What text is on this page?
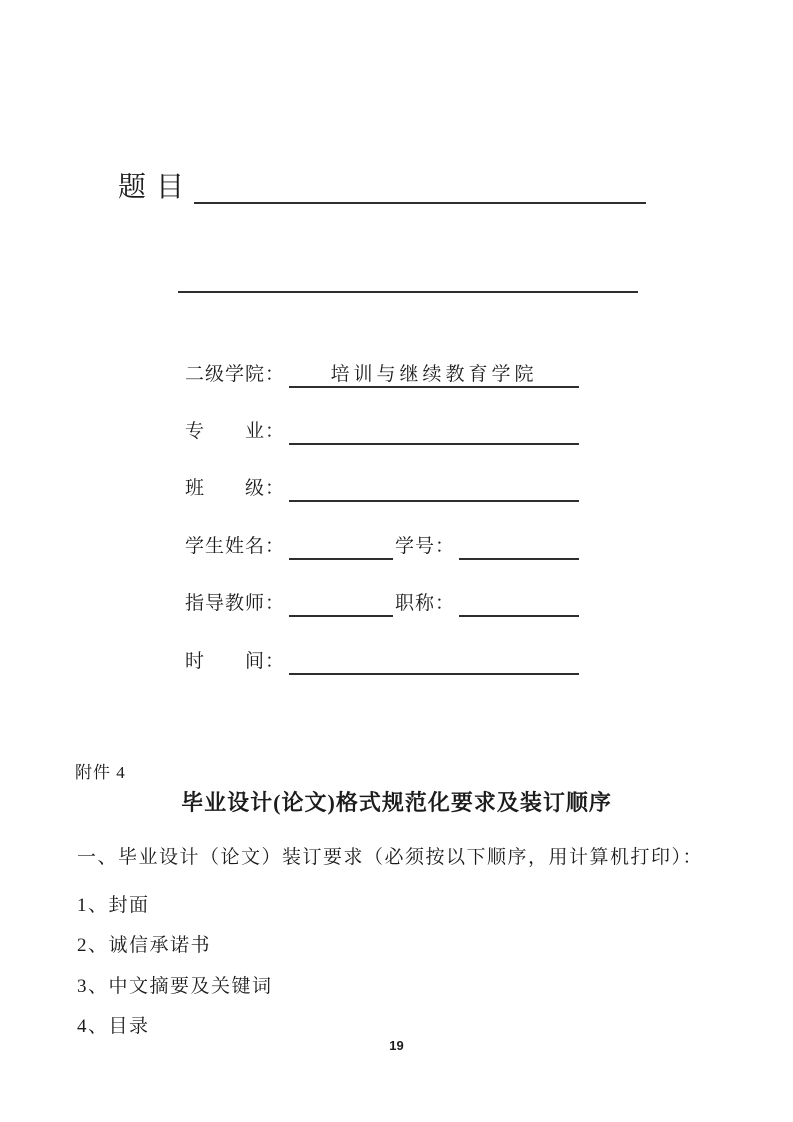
题目
二级学院：	培训与继续教育学院
专　　业：
班　　级：
学生姓名：	学号：
指导教师：	职称：
时　　间：
附件 4
毕业设计(论文)格式规范化要求及装订顺序
一、毕业设计（论文）装订要求（必须按以下顺序，用计算机打印）：
1、封面
2、诚信承诺书
3、中文摘要及关键词
4、目录
19
